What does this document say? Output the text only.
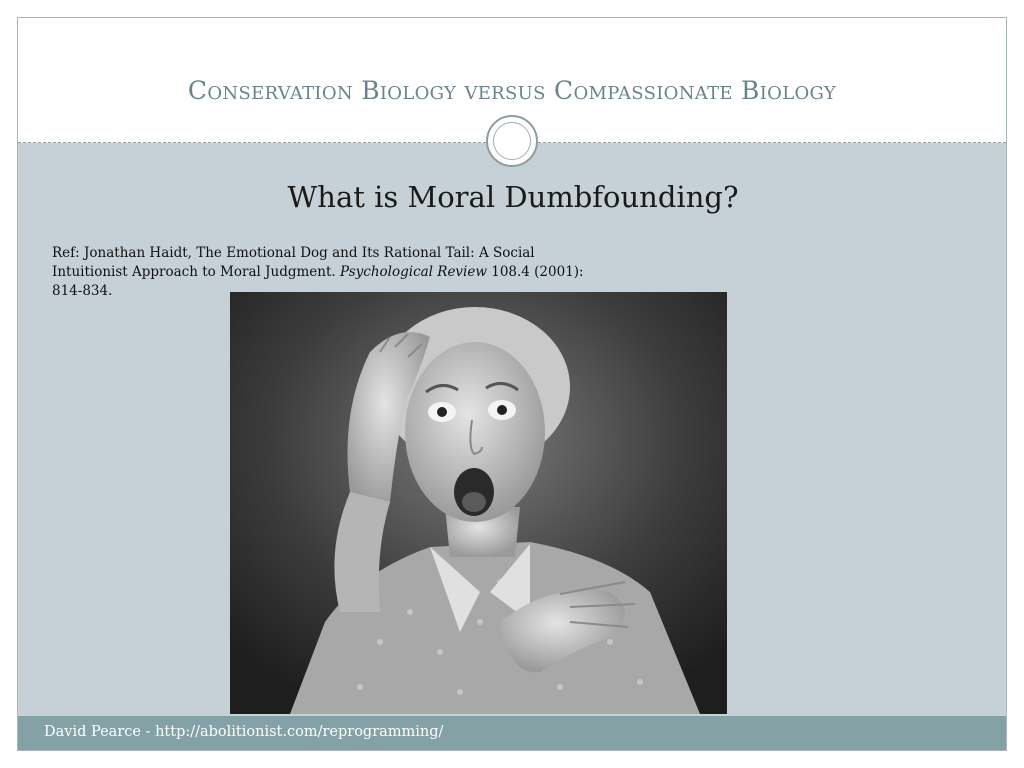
Conservation Biology versus Compassionate Biology
What is Moral Dumbfounding?
Ref: Jonathan Haidt, The Emotional Dog and Its Rational Tail: A Social Intuitionist Approach to Moral Judgment. Psychological Review 108.4 (2001): 814-834.
David Pearce - http://abolitionist.com/reprogramming/
